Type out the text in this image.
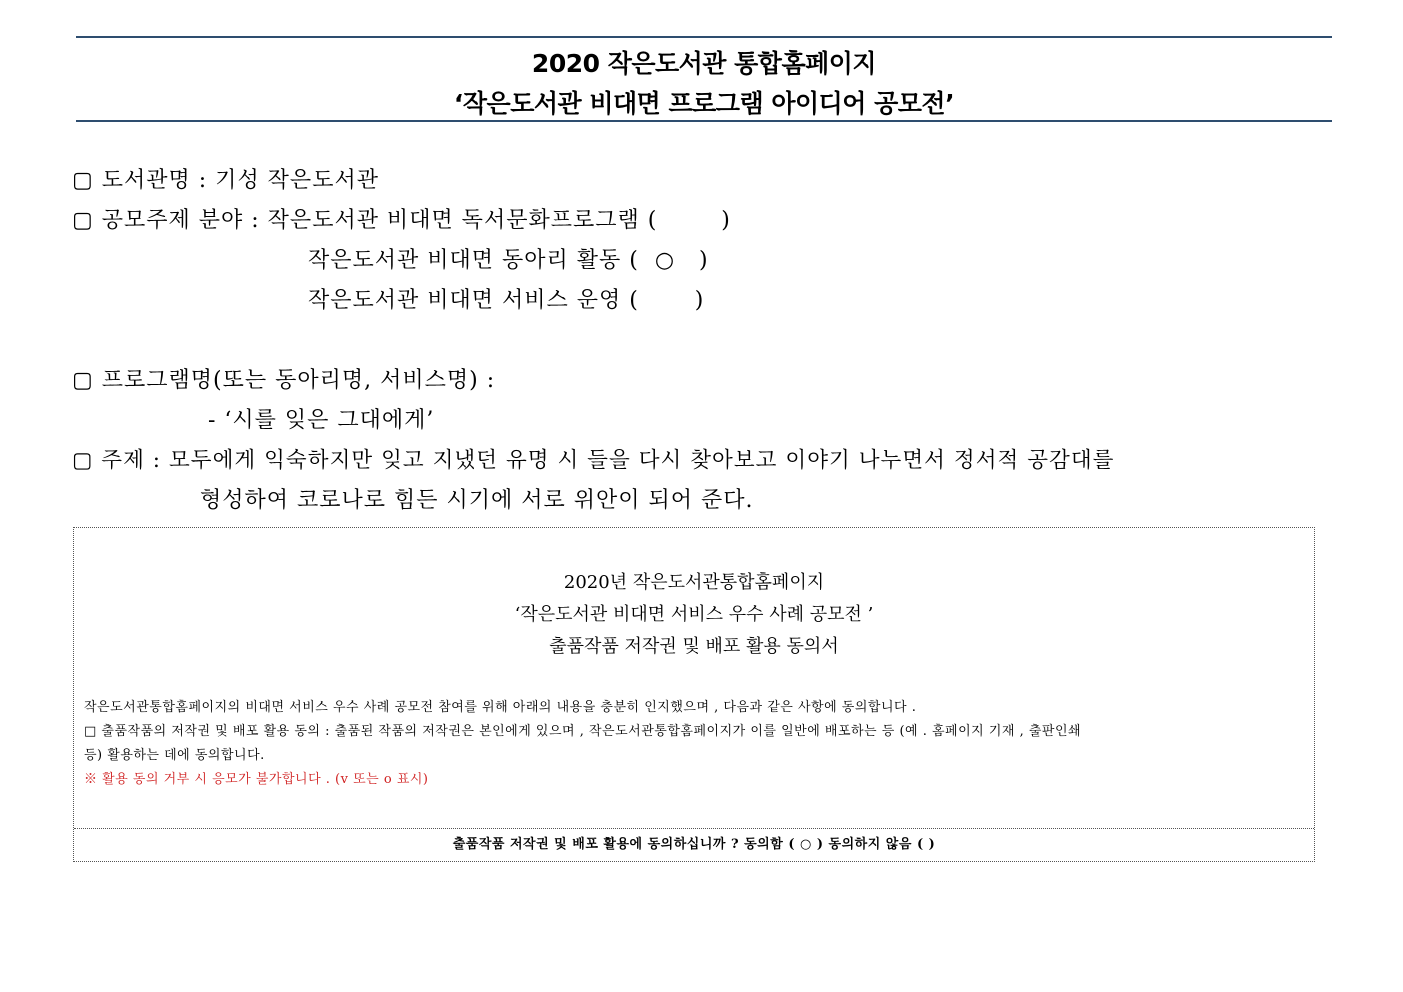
2020 작은도서관 통합홈페이지
‘작은도서관 비대면 프로그램 아이디어 공모전’
▢ 도서관명 : 기성 작은도서관
▢ 공모주제 분야 : 작은도서관 비대면 독서문화프로그램 (        )
작은도서관 비대면 동아리 활동 (  ○   )
작은도서관 비대면 서비스 운영 (       )
▢ 프로그램명(또는 동아리명, 서비스명) :
- ‘시를 잊은 그대에게’
▢ 주제 : 모두에게 익숙하지만 잊고 지냈던 유명 시 들을 다시 찾아보고 이야기 나누면서 정서적 공감대를
형성하여 코로나로 힘든 시기에 서로 위안이 되어 준다.
2020년 작은도서관통합홈페이지
‘작은도서관 비대면 서비스 우수 사례 공모전 ’
출품작품 저작권 및 배포 활용 동의서
작은도서관통합홈페이지의 비대면 서비스 우수 사례 공모전 참여를 위해 아래의 내용을 충분히 인지했으며 , 다음과 같은 사항에 동의합니다 .
□ 출품작품의 저작권 및 배포 활용 동의 : 출품된 작품의 저작권은 본인에게 있으며 , 작은도서관통합홈페이지가 이를 일반에 배포하는 등 (예 . 홈페이지 기재 , 출판인쇄
등) 활용하는 데에 동의합니다.
※ 활용 동의 거부 시 응모가 불가합니다 . (v 또는 o 표시)
출품작품 저작권 및 배포 활용에 동의하십니까 ? 동의함 ( ○ ) 동의하지 않음 ( )
